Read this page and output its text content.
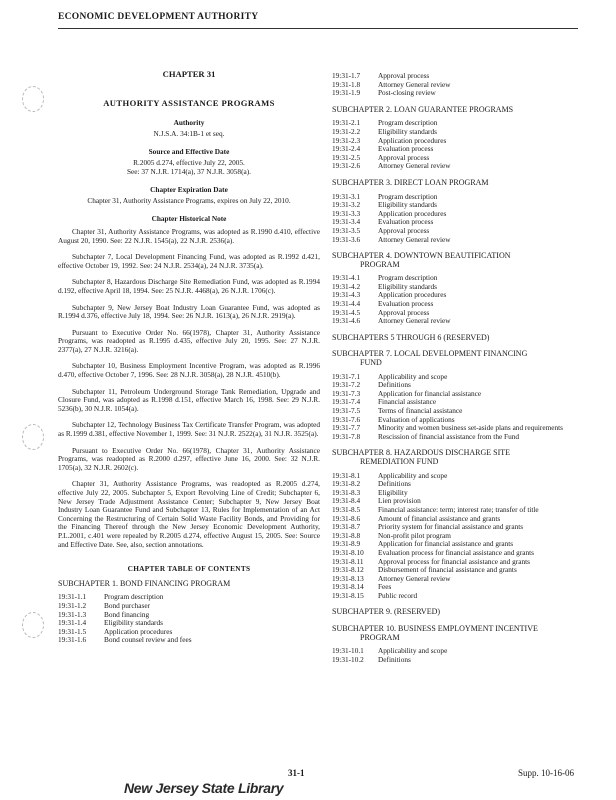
ECONOMIC DEVELOPMENT AUTHORITY
CHAPTER 31
AUTHORITY ASSISTANCE PROGRAMS
Authority
N.J.S.A. 34:1B-1 et seq.
Source and Effective Date
R.2005 d.274, effective July 22, 2005.
See: 37 N.J.R. 1714(a), 37 N.J.R. 3058(a).
Chapter Expiration Date
Chapter 31, Authority Assistance Programs, expires on July 22, 2010.
Chapter Historical Note

Chapter 31, Authority Assistance Programs, was adopted as R.1990 d.410, effective August 20, 1990. See: 22 N.J.R. 1545(a), 22 N.J.R. 2536(a).

Subchapter 7, Local Development Financing Fund, was adopted as R.1992 d.421, effective October 19, 1992. See: 24 N.J.R. 2534(a), 24 N.J.R. 3735(a).

Subchapter 8, Hazardous Discharge Site Remediation Fund, was adopted as R.1994 d.192, effective April 18, 1994. See: 25 N.J.R. 4468(a), 26 N.J.R. 1706(c).

Subchapter 9, New Jersey Boat Industry Loan Guarantee Fund, was adopted as R.1994 d.376, effective July 18, 1994. See: 26 N.J.R. 1613(a), 26 N.J.R. 2919(a).

Pursuant to Executive Order No. 66(1978), Chapter 31, Authority Assistance Programs, was readopted as R.1995 d.435, effective July 20, 1995. See: 27 N.J.R. 2377(a), 27 N.J.R. 3216(a).

Subchapter 10, Business Employment Incentive Program, was adopted as R.1996 d.470, effective October 7, 1996. See: 28 N.J.R. 3058(a), 28 N.J.R. 4510(b).

Subchapter 11, Petroleum Underground Storage Tank Remediation, Upgrade and Closure Fund, was adopted as R.1998 d.151, effective March 16, 1998. See: 29 N.J.R. 5236(b), 30 N.J.R. 1054(a).

Subchapter 12, Technology Business Tax Certificate Transfer Program, was adopted as R.1999 d.381, effective November 1, 1999. See: 31 N.J.R. 2522(a), 31 N.J.R. 3525(a).

Pursuant to Executive Order No. 66(1978), Chapter 31, Authority Assistance Programs, was readopted as R.2000 d.297, effective June 16, 2000. See: 32 N.J.R. 1705(a), 32 N.J.R. 2602(c).

Chapter 31, Authority Assistance Programs, was readopted as R.2005 d.274, effective July 22, 2005. Subchapter 5, Export Revolving Line of Credit; Subchapter 6, New Jersey Trade Adjustment Assistance Center; Subchapter 9, New Jersey Boat Industry Loan Guarantee Fund and Subchapter 13, Rules for Implementation of an Act Concerning the Restructuring of Certain Solid Waste Facility Bonds, and Providing for the Financing Thereof through the New Jersey Economic Development Authority, P.L.2001, c.401 were repealed by R.2005 d.274, effective August 15, 2005. See: Source and Effective Date. See, also, section annotations.

CHAPTER TABLE OF CONTENTS
SUBCHAPTER 1. BOND FINANCING PROGRAM
19:31-1.1	Program description
19:31-1.2	Bond purchaser
19:31-1.3	Bond financing
19:31-1.4	Eligibility standards
19:31-1.5	Application procedures
19:31-1.6	Bond counsel review and fees
19:31-1.7	Approval process
19:31-1.8	Attorney General review
19:31-1.9	Post-closing review
SUBCHAPTER 2. LOAN GUARANTEE PROGRAMS
19:31-2.1	Program description
19:31-2.2	Eligibility standards
19:31-2.3	Application procedures
19:31-2.4	Evaluation process
19:31-2.5	Approval process
19:31-2.6	Attorney General review
SUBCHAPTER 3. DIRECT LOAN PROGRAM
19:31-3.1	Program description
19:31-3.2	Eligibility standards
19:31-3.3	Application procedures
19:31-3.4	Evaluation process
19:31-3.5	Approval process
19:31-3.6	Attorney General review
SUBCHAPTER 4. DOWNTOWN BEAUTIFICATION
PROGRAM
19:31-4.1	Program description
19:31-4.2	Eligibility standards
19:31-4.3	Application procedures
19:31-4.4	Evaluation process
19:31-4.5	Approval process
19:31-4.6	Attorney General review
SUBCHAPTERS 5 THROUGH 6 (RESERVED)
SUBCHAPTER 7. LOCAL DEVELOPMENT FINANCING
FUND
19:31-7.1	Applicability and scope
19:31-7.2	Definitions
19:31-7.3	Application for financial assistance
19:31-7.4	Financial assistance
19:31-7.5	Terms of financial assistance
19:31-7.6	Evaluation of applications
19:31-7.7	Minority and women business set-aside plans and requirements
19:31-7.8	Rescission of financial assistance from the Fund
SUBCHAPTER 8. HAZARDOUS DISCHARGE SITE
REMEDIATION FUND
19:31-8.1	Applicability and scope
19:31-8.2	Definitions
19:31-8.3	Eligibility
19:31-8.4	Lien provision
19:31-8.5	Financial assistance: term; interest rate; transfer of title
19:31-8.6	Amount of financial assistance and grants
19:31-8.7	Priority system for financial assistance and grants
19:31-8.8	Non-profit pilot program
19:31-8.9	Application for financial assistance and grants
19:31-8.10	Evaluation process for financial assistance and grants
19:31-8.11	Approval process for financial assistance and grants
19:31-8.12	Disbursement of financial assistance and grants
19:31-8.13	Attorney General review
19:31-8.14	Fees
19:31-8.15	Public record
SUBCHAPTER 9. (RESERVED)
SUBCHAPTER 10. BUSINESS EMPLOYMENT INCENTIVE
PROGRAM
19:31-10.1	Applicability and scope
19:31-10.2	Definitions
31-1	Supp. 10-16-06
New Jersey State Library
